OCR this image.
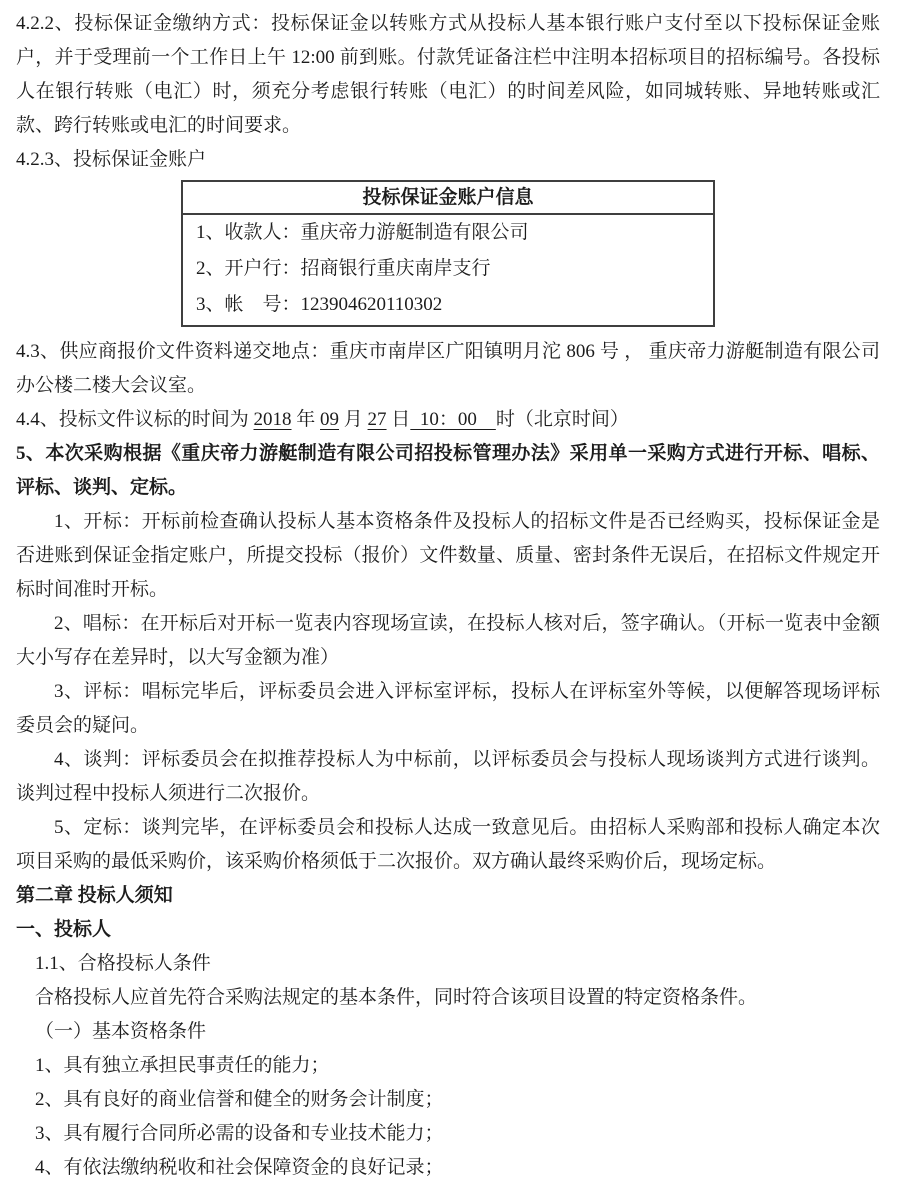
4.2.2、投标保证金缴纳方式：投标保证金以转账方式从投标人基本银行账户支付至以下投标保证金账户，并于受理前一个工作日上午 12:00 前到账。付款凭证备注栏中注明本招标项目的招标编号。各投标人在银行转账（电汇）时，须充分考虑银行转账（电汇）的时间差风险，如同城转账、异地转账或汇款、跨行转账或电汇的时间要求。

4.2.3、投标保证金账户

投标保证金账户信息
1、收款人：重庆帝力游艇制造有限公司
2、开户行：招商银行重庆南岸支行
3、帐　号：123904620110302

4.3、供应商报价文件资料递交地点：重庆市南岸区广阳镇明月沱 806 号 ， 重庆帝力游艇制造有限公司办公楼二楼大会议室。

4.4、投标文件议标的时间为 2018 年 09 月 27 日  10：00    时（北京时间）

5、本次采购根据《重庆帝力游艇制造有限公司招投标管理办法》采用单一采购方式进行开标、唱标、评标、谈判、定标。

1、开标：开标前检查确认投标人基本资格条件及投标人的招标文件是否已经购买，投标保证金是否进账到保证金指定账户，所提交投标（报价）文件数量、质量、密封条件无误后，在招标文件规定开标时间准时开标。

2、唱标：在开标后对开标一览表内容现场宣读，在投标人核对后，签字确认。（开标一览表中金额大小写存在差异时，以大写金额为准）

3、评标：唱标完毕后，评标委员会进入评标室评标，投标人在评标室外等候，以便解答现场评标委员会的疑问。

4、谈判：评标委员会在拟推荐投标人为中标前，以评标委员会与投标人现场谈判方式进行谈判。谈判过程中投标人须进行二次报价。

5、定标：谈判完毕，在评标委员会和投标人达成一致意见后。由招标人采购部和投标人确定本次项目采购的最低采购价，该采购价格须低于二次报价。双方确认最终采购价后，现场定标。

第二章 投标人须知

一、投标人

1.1、合格投标人条件

合格投标人应首先符合采购法规定的基本条件，同时符合该项目设置的特定资格条件。

（一）基本资格条件

1、具有独立承担民事责任的能力；

2、具有良好的商业信誉和健全的财务会计制度；

3、具有履行合同所必需的设备和专业技术能力；

4、有依法缴纳税收和社会保障资金的良好记录；
